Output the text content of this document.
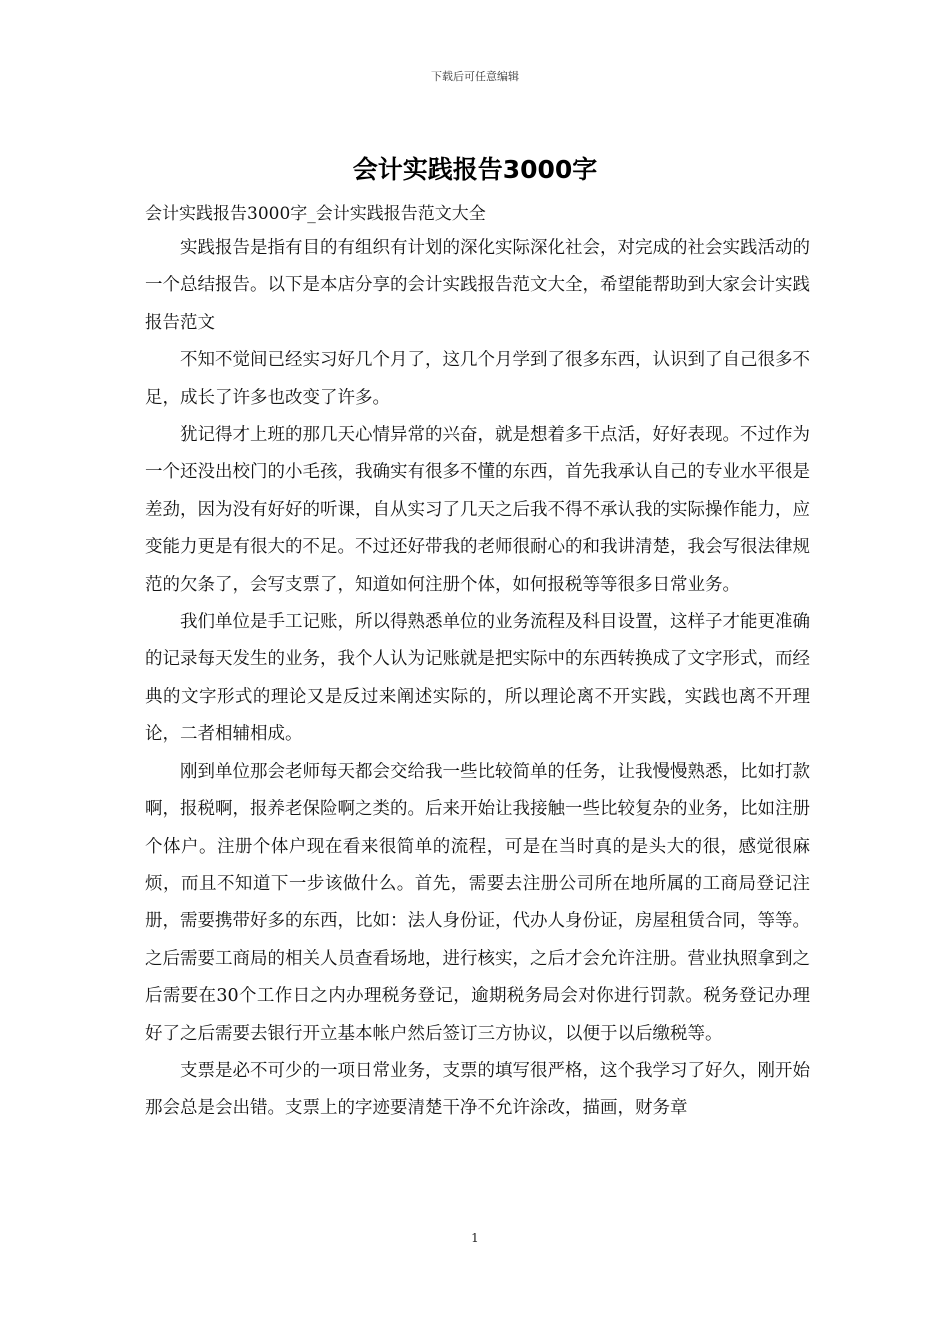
下载后可任意编辑
会计实践报告3000字
会计实践报告3000字_会计实践报告范文大全

实践报告是指有目的有组织有计划的深化实际深化社会，对完成的社会实践活动的一个总结报告。以下是本店分享的会计实践报告范文大全，希望能帮助到大家会计实践报告范文

不知不觉间已经实习好几个月了，这几个月学到了很多东西，认识到了自己很多不足，成长了许多也改变了许多。

犹记得才上班的那几天心情异常的兴奋，就是想着多干点活，好好表现。不过作为一个还没出校门的小毛孩，我确实有很多不懂的东西，首先我承认自己的专业水平很是差劲，因为没有好好的听课，自从实习了几天之后我不得不承认我的实际操作能力，应变能力更是有很大的不足。不过还好带我的老师很耐心的和我讲清楚，我会写很法律规范的欠条了，会写支票了，知道如何注册个体，如何报税等等很多日常业务。

我们单位是手工记账，所以得熟悉单位的业务流程及科目设置，这样子才能更准确的记录每天发生的业务，我个人认为记账就是把实际中的东西转换成了文字形式，而经典的文字形式的理论又是反过来阐述实际的，所以理论离不开实践，实践也离不开理论，二者相辅相成。

刚到单位那会老师每天都会交给我一些比较简单的任务，让我慢慢熟悉，比如打款啊，报税啊，报养老保险啊之类的。后来开始让我接触一些比较复杂的业务，比如注册个体户。注册个体户现在看来很简单的流程，可是在当时真的是头大的很，感觉很麻烦，而且不知道下一步该做什么。首先，需要去注册公司所在地所属的工商局登记注册，需要携带好多的东西，比如：法人身份证，代办人身份证，房屋租赁合同，等等。之后需要工商局的相关人员查看场地，进行核实，之后才会允许注册。营业执照拿到之后需要在30个工作日之内办理税务登记，逾期税务局会对你进行罚款。税务登记办理好了之后需要去银行开立基本帐户然后签订三方协议，以便于以后缴税等。

支票是必不可少的一项日常业务，支票的填写很严格，这个我学习了好久，刚开始那会总是会出错。支票上的字迹要清楚干净不允许涂改，描画，财务章

1
